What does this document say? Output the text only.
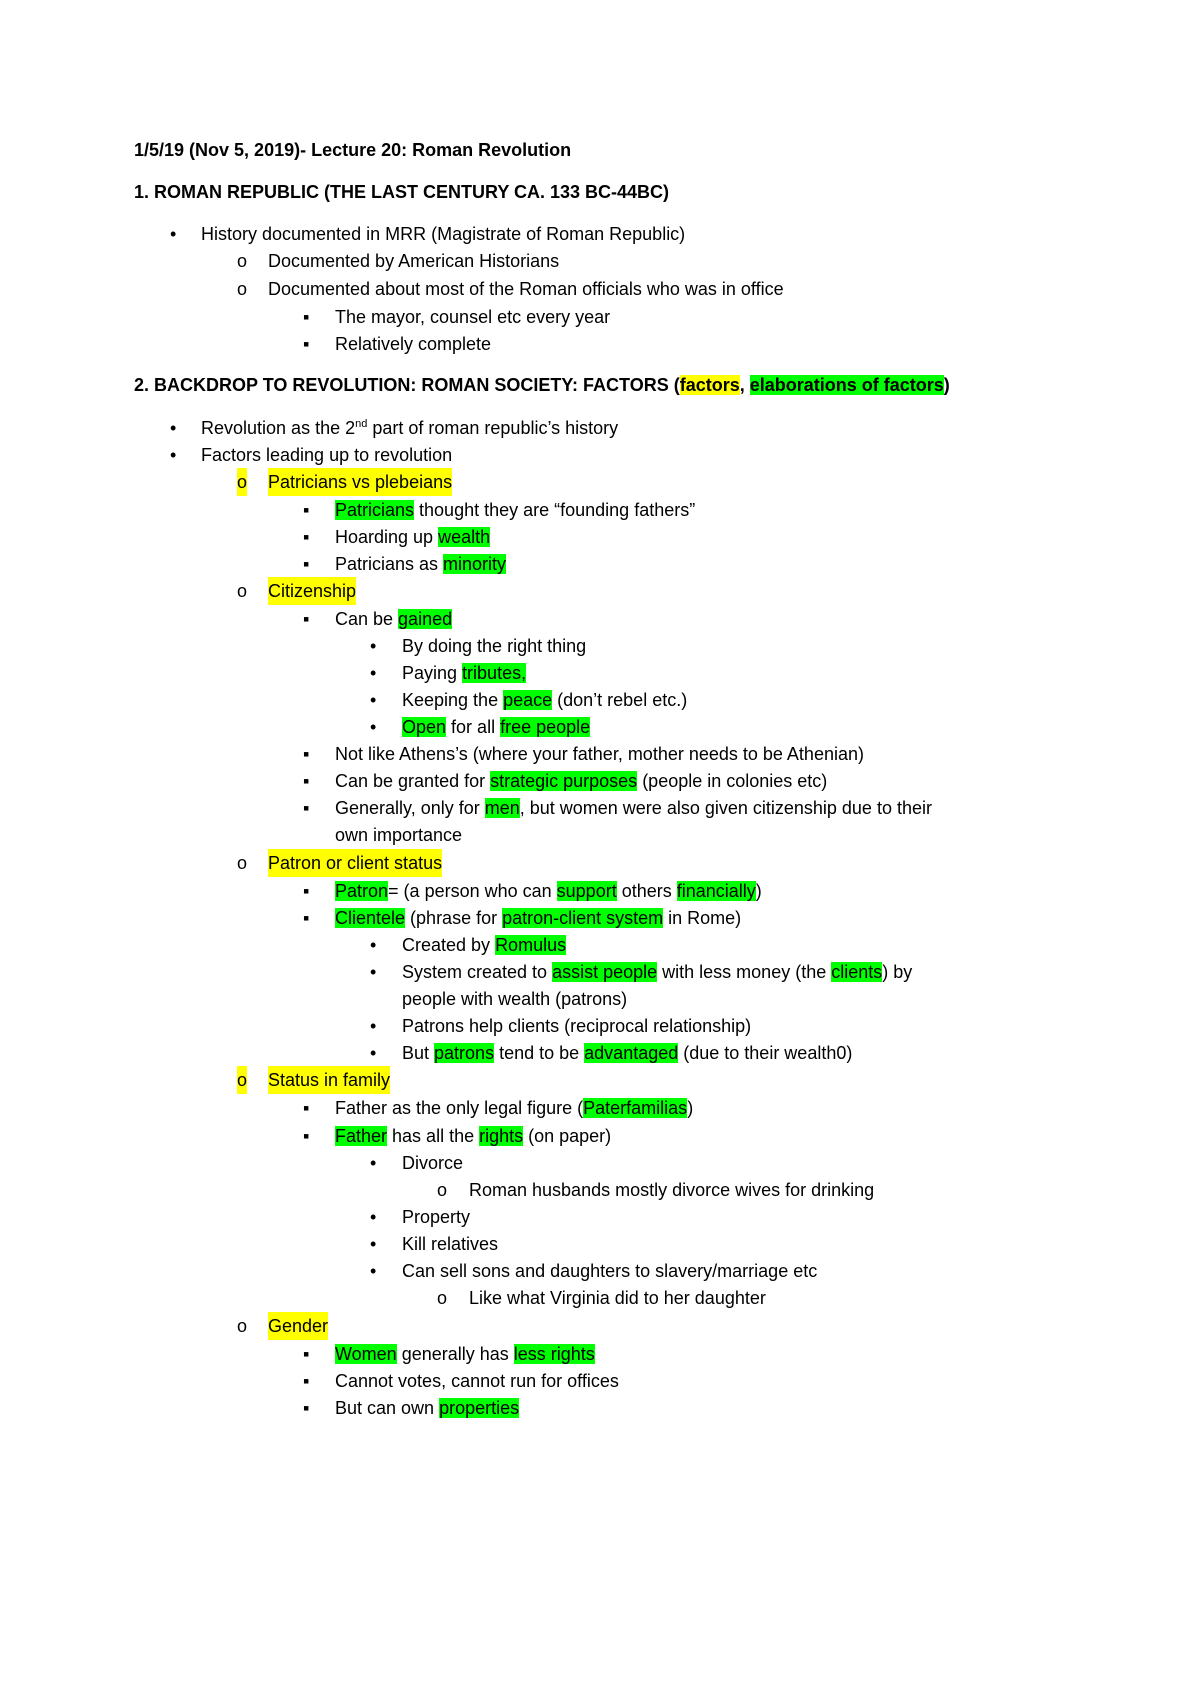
1/5/19 (Nov 5, 2019)- Lecture 20: Roman Revolution
1. ROMAN REPUBLIC (THE LAST CENTURY CA. 133 BC-44BC)
• History documented in MRR (Magistrate of Roman Republic)
o Documented by American Historians
o Documented about most of the Roman officials who was in office
▪ The mayor, counsel etc every year
▪ Relatively complete
2. BACKDROP TO REVOLUTION: ROMAN SOCIETY: FACTORS (factors, elaborations of factors)
• Revolution as the 2nd part of roman republic’s history
• Factors leading up to revolution
o Patricians vs plebeians
▪ Patricians thought they are “founding fathers”
▪ Hoarding up wealth
▪ Patricians as minority
o Citizenship
▪ Can be gained
• By doing the right thing
• Paying tributes,
• Keeping the peace (don’t rebel etc.)
• Open for all free people
▪ Not like Athens’s (where your father, mother needs to be Athenian)
▪ Can be granted for strategic purposes (people in colonies etc)
▪ Generally, only for men, but women were also given citizenship due to their
own importance
o Patron or client status
▪ Patron= (a person who can support others financially)
▪ Clientele (phrase for patron-client system in Rome)
• Created by Romulus
• System created to assist people with less money (the clients) by
people with wealth (patrons)
• Patrons help clients (reciprocal relationship)
• But patrons tend to be advantaged (due to their wealth0)
o Status in family
▪ Father as the only legal figure (Paterfamilias)
▪ Father has all the rights (on paper)
• Divorce
o Roman husbands mostly divorce wives for drinking
• Property
• Kill relatives
• Can sell sons and daughters to slavery/marriage etc
o Like what Virginia did to her daughter
o Gender
▪ Women generally has less rights
▪ Cannot votes, cannot run for offices
▪ But can own properties
